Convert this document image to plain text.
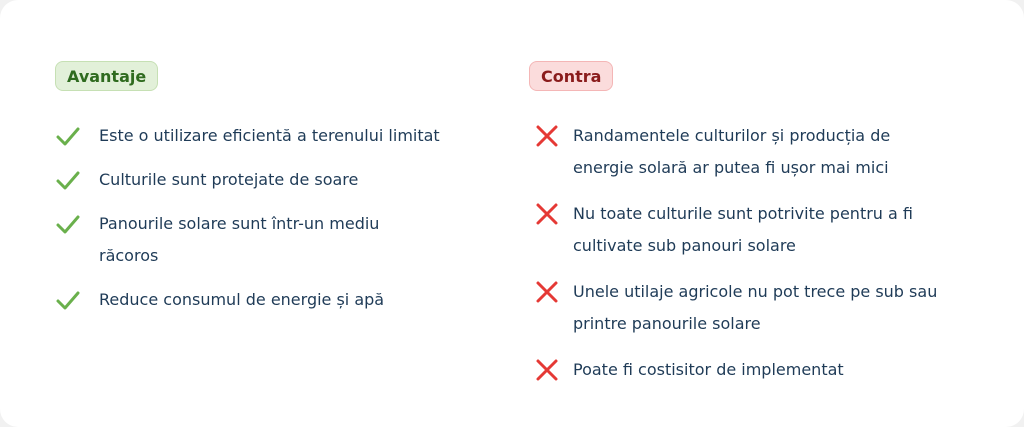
Avantaje
Este o utilizare eficientă a terenului limitat
Culturile sunt protejate de soare
Panourile solare sunt într-un mediu răcoros
Reduce consumul de energie și apă
Contra
Randamentele culturilor și producția de energie solară ar putea fi ușor mai mici
Nu toate culturile sunt potrivite pentru a fi cultivate sub panouri solare
Unele utilaje agricole nu pot trece pe sub sau printre panourile solare
Poate fi costisitor de implementat
